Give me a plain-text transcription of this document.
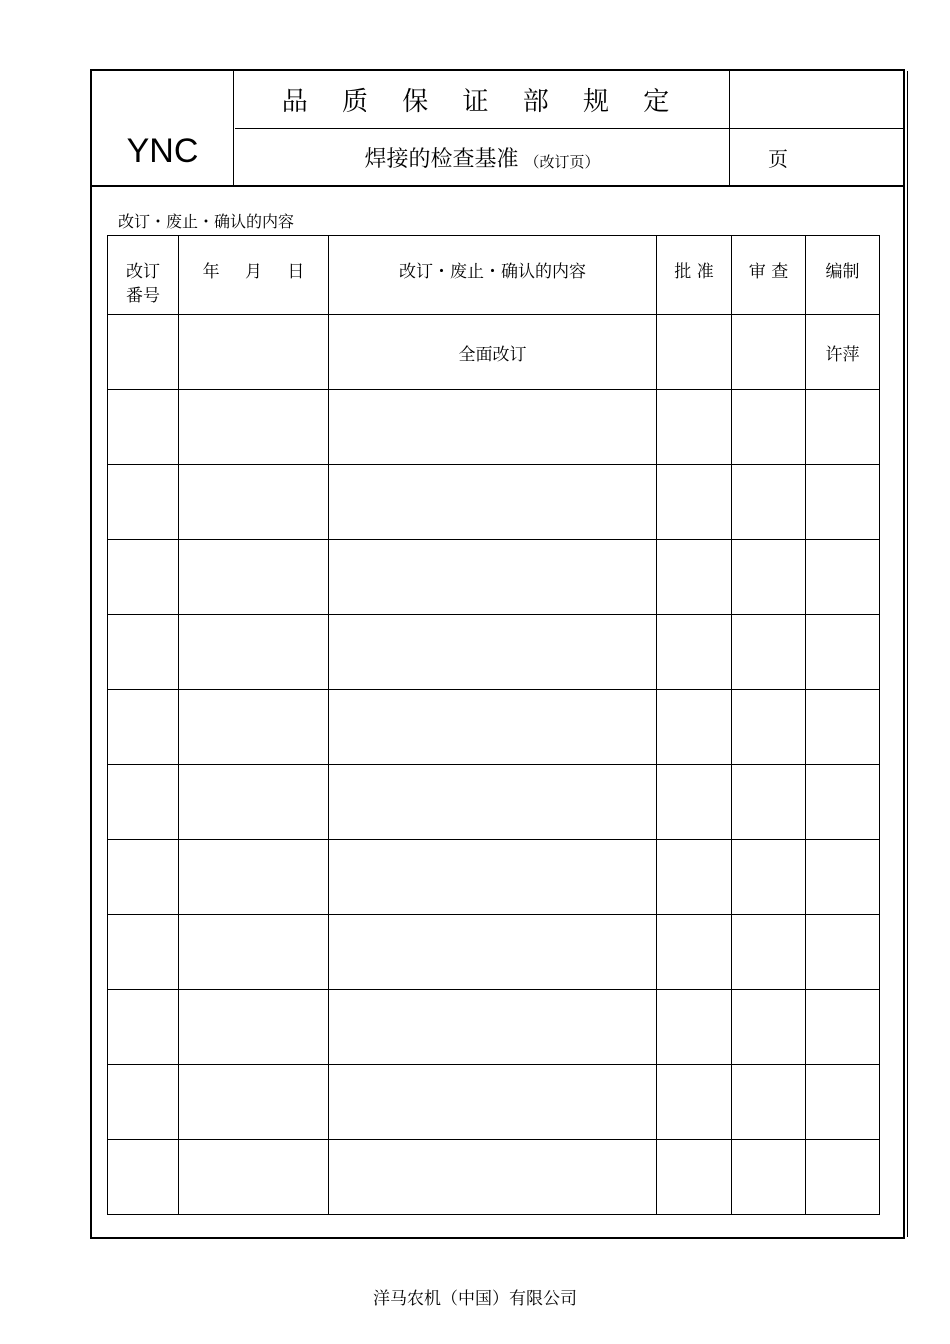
YNC
品 质 保 证 部 规 定
焊接的检查基准 （改订页）	页
改订・废止・确认的内容
改订
番号	年 月 日	改订・废止・确认的内容	批 准	审 查	编制
		全面改订			许萍

洋马农机（中国）有限公司
